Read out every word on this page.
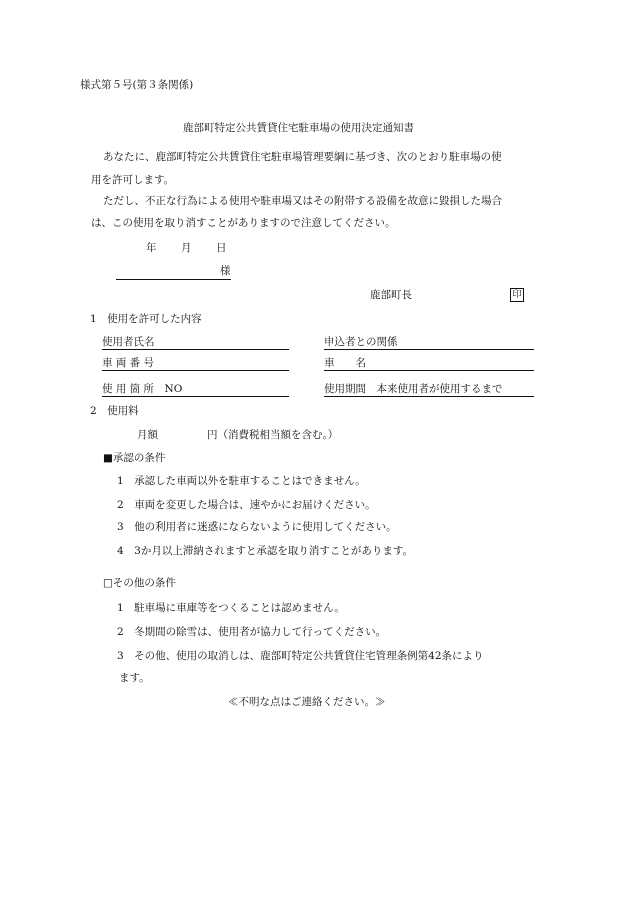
様式第５号(第３条関係)
鹿部町特定公共賃貸住宅駐車場の使用決定通知書
あなたに、鹿部町特定公共賃貸住宅駐車場管理要綱に基づき、次のとおり駐車場の使
用を許可します。
ただし、不正な行為による使用や駐車場又はその附帯する設備を故意に毀損した場合
は、この使用を取り消すことがありますので注意してください。
年 月 日
様
鹿部町長	印
1　使用を許可した内容
使用者氏名	申込者との関係
車 両 番 号	車　　名
使 用 箇 所　NO	使用期間　本来使用者が使用するまで
2　使用料
月額	円（消費税相当額を含む。）
■承認の条件
1　承認した車両以外を駐車することはできません。
2　車両を変更した場合は、速やかにお届けください。
3　他の利用者に迷惑にならないように使用してください。
4　3か月以上滞納されますと承認を取り消すことがあります。
□その他の条件
1　駐車場に車庫等をつくることは認めません。
2　冬期間の除雪は、使用者が協力して行ってください。
3　その他、使用の取消しは、鹿部町特定公共賃貸住宅管理条例第42条により
ます。
≪不明な点はご連絡ください。≫
